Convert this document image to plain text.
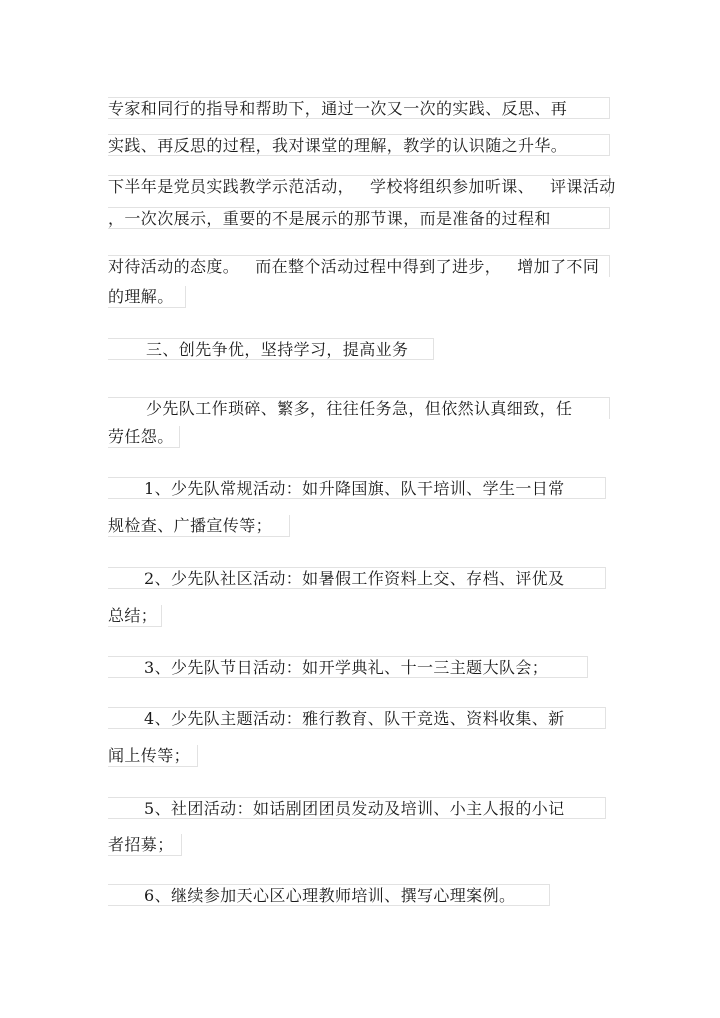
专家和同行的指导和帮助下，通过一次又一次的实践、反思、再
实践、再反思的过程，我对课堂的理解，教学的认识随之升华。
下半年是党员实践教学示范活动， 学校将组织参加听课、 评课活动
，一次次展示，重要的不是展示的那节课，而是准备的过程和
对待活动的态度。 而在整个活动过程中得到了进步， 增加了不同
的理解。
三、创先争优，坚持学习，提高业务
少先队工作琐碎、繁多，往往任务急，但依然认真细致，任
劳任怨。
1、少先队常规活动：如升降国旗、队干培训、学生一日常
规检查、广播宣传等；
2、少先队社区活动：如暑假工作资料上交、存档、评优及
总结；
3、少先队节日活动：如开学典礼、十一三主题大队会；
4、少先队主题活动：雅行教育、队干竞选、资料收集、新
闻上传等；
5、社团活动：如话剧团团员发动及培训、小主人报的小记
者招募；
6、继续参加天心区心理教师培训、撰写心理案例。
